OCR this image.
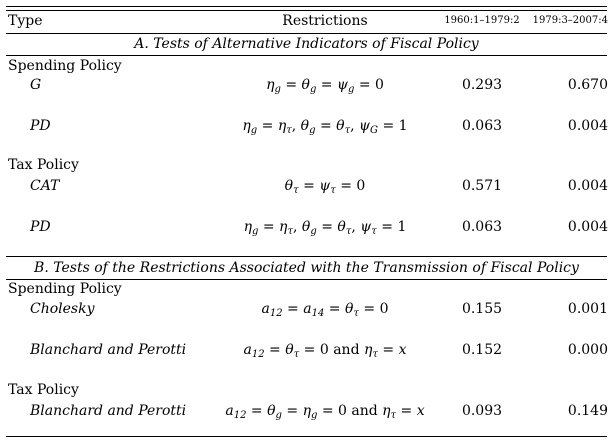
Type	Restrictions	1960:1–1979:2	1979:3–2007:4
A. Tests of Alternative Indicators of Fiscal Policy
Spending Policy
G	$\eta_g = \theta_g = \psi_g = 0$	0.293	0.670
PD	$\eta_g = \eta_\tau$, $\theta_g = \theta_\tau$, $\psi_G = 1$	0.063	0.004
Tax Policy
CAT	$\theta_\tau = \psi_\tau = 0$	0.571	0.004
PD	$\eta_g = \eta_\tau$, $\theta_g = \theta_\tau$, $\psi_\tau = 1$	0.063	0.004
B. Tests of the Restrictions Associated with the Transmission of Fiscal Policy
Spending Policy
Cholesky	$a_{12} = a_{14} = \theta_\tau = 0$	0.155	0.001
Blanchard and Perotti	$a_{12} = \theta_\tau = 0$ and $\eta_\tau = x$	0.152	0.000
Tax Policy
Blanchard and Perotti	$a_{12} = \theta_g = \eta_g = 0$ and $\eta_\tau = x$	0.093	0.149
